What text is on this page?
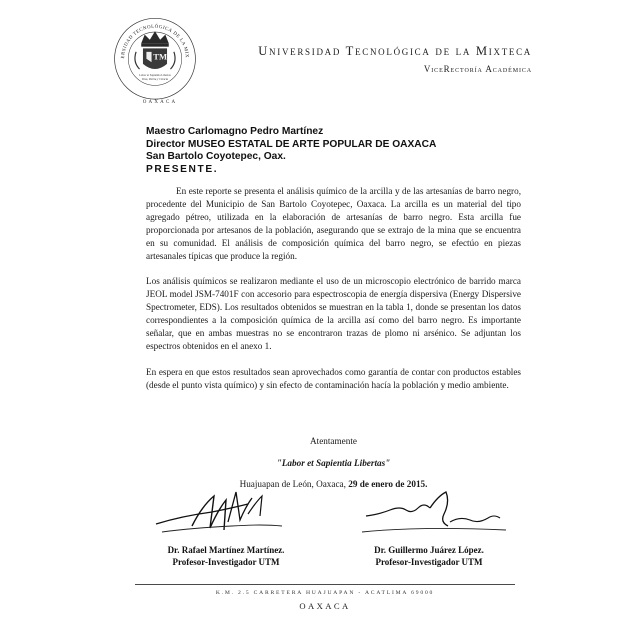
ERSIDAD TECNOLÓGICA DE LA MIX
TM
Labor et Sapientia Libertas
Dios, Patria y Ciencia
OAXACA
Universidad Tecnológica de la Mixteca
ViceRectoría Académica
Maestro Carlomagno Pedro Martínez
Director MUSEO ESTATAL DE ARTE POPULAR DE OAXACA
San Bartolo Coyotepec, Oax.
PRESENTE.

En este reporte se presenta el análisis químico de la arcilla y de las artesanías de barro negro, procedente del Municipio de San Bartolo Coyotepec, Oaxaca. La arcilla es un material del tipo agregado pétreo, utilizada en la elaboración de artesanías de barro negro. Esta arcilla fue proporcionada por artesanos de la población, asegurando que se extrajo de la mina que se encuentra en su comunidad. El análisis de composición química del barro negro, se efectúo en piezas artesanales típicas que produce la región.

Los análisis químicos se realizaron mediante el uso de un microscopio electrónico de barrido marca JEOL model JSM-7401F con accesorio para espectroscopia de energía dispersiva (Energy Dispersive Spectrometer, EDS). Los resultados obtenidos se muestran en la tabla 1, donde se presentan los datos correspondientes a la composición química de la arcilla así como del barro negro. Es importante señalar, que en ambas muestras no se encontraron trazas de plomo ni arsénico. Se adjuntan los espectros obtenidos en el anexo 1.

En espera en que estos resultados sean aprovechados como garantía de contar con productos estables (desde el punto vista químico) y sin efecto de contaminación hacía la población y medio ambiente.

Atentamente
"Labor et Sapientia Libertas"
Huajuapan de León, Oaxaca, 29 de enero de 2015.
Dr. Rafael Martínez Martínez.
Profesor-Investigador UTM
Dr. Guillermo Juárez López.
Profesor-Investigador UTM
K.M. 2.5 CARRETERA HUAJUAPAN - ACATLIMA 69000
OAXACA
